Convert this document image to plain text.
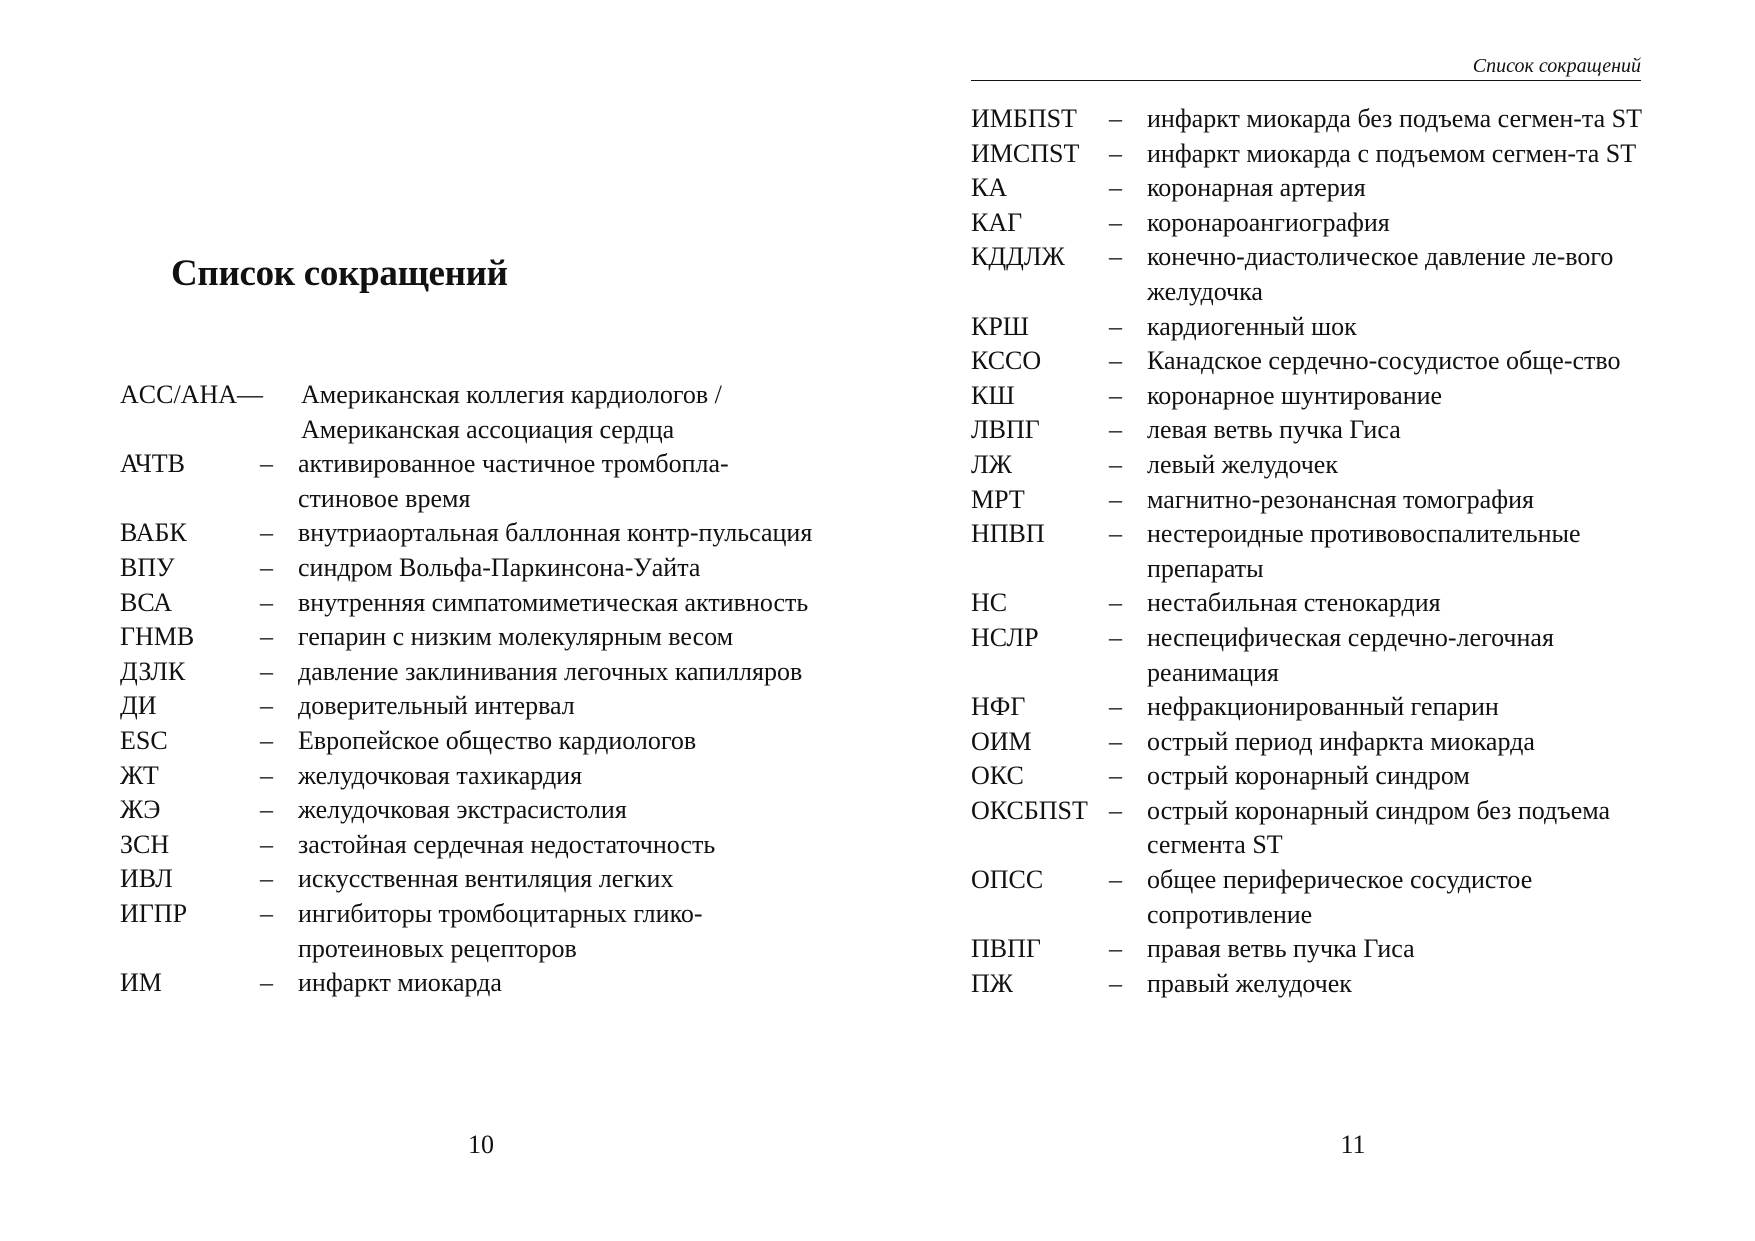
Список сокращений
ACC/AHA— Американская коллегия кардиологов / Американская ассоциация сердца
АЧТВ	– активированное частичное тромбопла-стиновое время
ВАБК	– внутриаортальная баллонная контр-пульсация
ВПУ	– синдром Вольфа-Паркинсона-Уайта
ВСА	– внутренняя симпатомиметическая активность
ГНМВ	– гепарин с низким молекулярным весом
ДЗЛК	– давление заклинивания легочных капилляров
ДИ	– доверительный интервал
ESC	– Европейское общество кардиологов
ЖТ	– желудочковая тахикардия
ЖЭ	– желудочковая экстрасистолия
ЗСН	– застойная сердечная недостаточность
ИВЛ	– искусственная вентиляция легких
ИГПР	– ингибиторы тромбоцитарных глико-протеиновых рецепторов
ИМ	– инфаркт миокарда
10
Список сокращений
ИМБПST	– инфаркт миокарда без подъема сегмен-та ST
ИМСПST	– инфаркт миокарда с подъемом сегмен-та ST
КА	– коронарная артерия
КАГ	– коронароангиография
КДДЛЖ	– конечно-диастолическое давление ле-вого желудочка
КРШ	– кардиогенный шок
КССО	– Канадское сердечно-сосудистое обще-ство
КШ	– коронарное шунтирование
ЛВПГ	– левая ветвь пучка Гиса
ЛЖ	– левый желудочек
МРТ	– магнитно-резонансная томография
НПВП	– нестероидные противовоспалительные препараты
НС	– нестабильная стенокардия
НСЛР	– неспецифическая сердечно-легочная реанимация
НФГ	– нефракционированный гепарин
ОИМ	– острый период инфаркта миокарда
ОКС	– острый коронарный синдром
ОКСБПST – острый коронарный синдром без подъема сегмента ST
ОПСС	– общее периферическое сосудистое сопротивление
ПВПГ	– правая ветвь пучка Гиса
ПЖ	– правый желудочек
11
